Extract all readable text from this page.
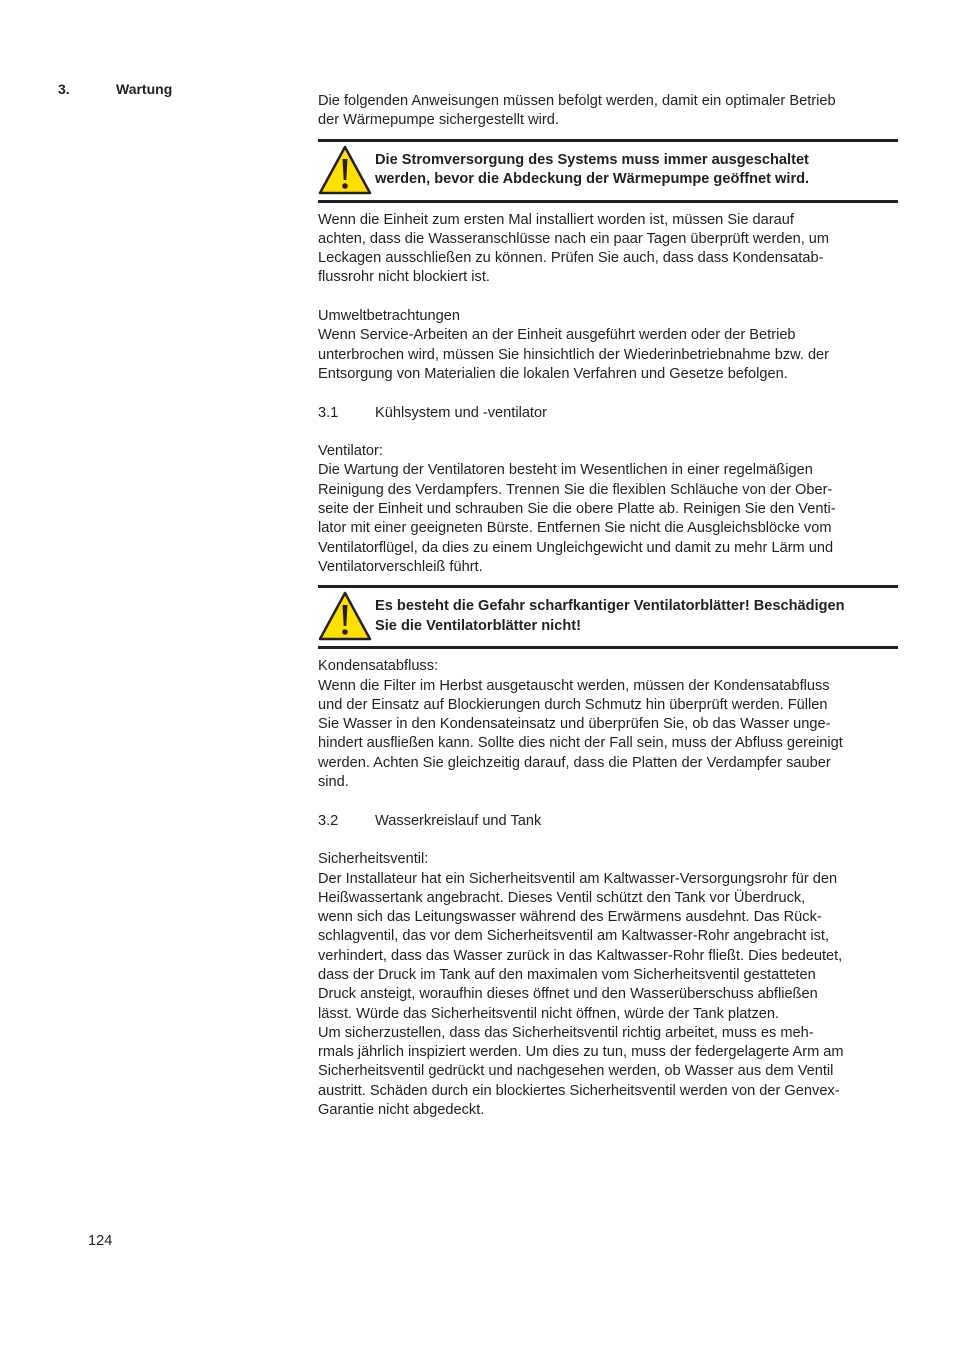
3.	Wartung

Die folgenden Anweisungen müssen befolgt werden, damit ein optimaler Betrieb
der Wärmepumpe sichergestellt wird.

Die Stromversorgung des Systems muss immer ausgeschaltet
werden, bevor die Abdeckung der Wärmepumpe geöffnet wird.

Wenn die Einheit zum ersten Mal installiert worden ist, müssen Sie darauf
achten, dass die Wasseranschlüsse nach ein paar Tagen überprüft werden, um
Leckagen ausschließen zu können. Prüfen Sie auch, dass dass Kondensatab-
flussrohr nicht blockiert ist.

Umweltbetrachtungen

Wenn Service-Arbeiten an der Einheit ausgeführt werden oder der Betrieb
unterbrochen wird, müssen Sie hinsichtlich der Wiederinbetriebnahme bzw. der
Entsorgung von Materialien die lokalen Verfahren und Gesetze befolgen.

3.1	Kühlsystem und -ventilator

Ventilator:

Die Wartung der Ventilatoren besteht im Wesentlichen in einer regelmäßigen
Reinigung des Verdampfers. Trennen Sie die flexiblen Schläuche von der Ober-
seite der Einheit und schrauben Sie die obere Platte ab. Reinigen Sie den Venti-
lator mit einer geeigneten Bürste. Entfernen Sie nicht die Ausgleichsblöcke vom
Ventilatorflügel, da dies zu einem Ungleichgewicht und damit zu mehr Lärm und
Ventilatorverschleiß führt.

Es besteht die Gefahr scharfkantiger Ventilatorblätter! Beschädigen
Sie die Ventilatorblätter nicht!

Kondensatabfluss:

Wenn die Filter im Herbst ausgetauscht werden, müssen der Kondensatabfluss
und der Einsatz auf Blockierungen durch Schmutz hin überprüft werden. Füllen
Sie Wasser in den Kondensateinsatz und überprüfen Sie, ob das Wasser unge-
hindert ausfließen kann. Sollte dies nicht der Fall sein, muss der Abfluss gereinigt
werden. Achten Sie gleichzeitig darauf, dass die Platten der Verdampfer sauber
sind.

3.2	Wasserkreislauf und Tank

Sicherheitsventil:

Der Installateur hat ein Sicherheitsventil am Kaltwasser-Versorgungsrohr für den
Heißwassertank angebracht. Dieses Ventil schützt den Tank vor Überdruck,
wenn sich das Leitungswasser während des Erwärmens ausdehnt. Das Rück-
schlagventil, das vor dem Sicherheitsventil am Kaltwasser-Rohr angebracht ist,
verhindert, dass das Wasser zurück in das Kaltwasser-Rohr fließt. Dies bedeutet,
dass der Druck im Tank auf den maximalen vom Sicherheitsventil gestatteten
Druck ansteigt, woraufhin dieses öffnet und den Wasserüberschuss abfließen
lässt. Würde das Sicherheitsventil nicht öffnen, würde der Tank platzen.
Um sicherzustellen, dass das Sicherheitsventil richtig arbeitet, muss es meh-
rmals jährlich inspiziert werden. Um dies zu tun, muss der federgelagerte Arm am
Sicherheitsventil gedrückt und nachgesehen werden, ob Wasser aus dem Ventil
austritt. Schäden durch ein blockiertes Sicherheitsventil werden von der Genvex-
Garantie nicht abgedeckt.

124
